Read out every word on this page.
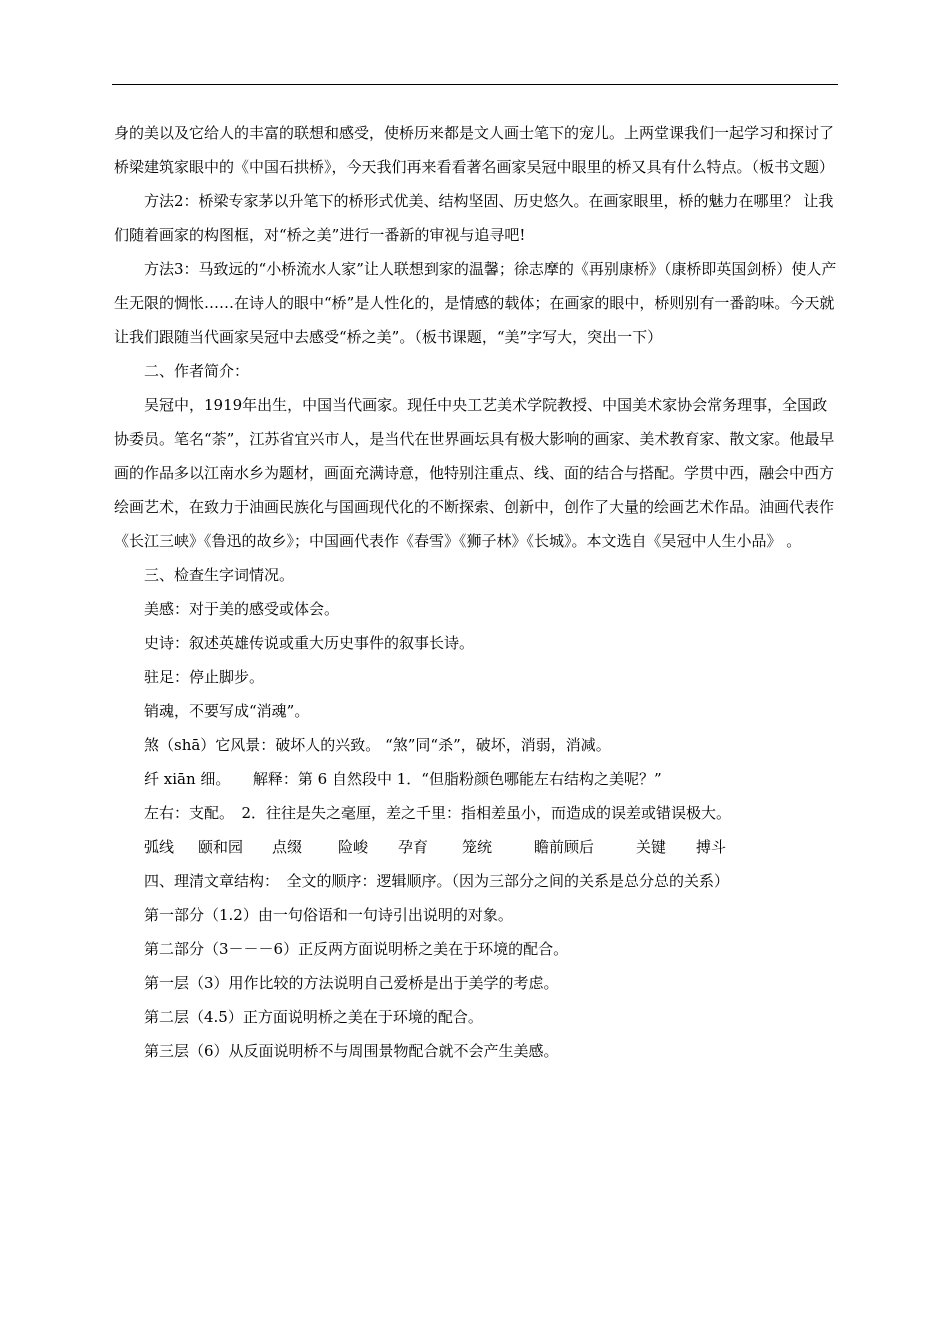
身的美以及它给人的丰富的联想和感受，使桥历来都是文人画士笔下的宠儿。上两堂课我们一起学习和探讨了桥梁建筑家眼中的《中国石拱桥》，今天我们再来看看著名画家吴冠中眼里的桥又具有什么特点。（板书文题）

方法2：桥梁专家茅以升笔下的桥形式优美、结构坚固、历史悠久。在画家眼里，桥的魅力在哪里？ 让我们随着画家的构图框，对“桥之美”进行一番新的审视与追寻吧!

方法3：马致远的“小桥流水人家”让人联想到家的温馨；徐志摩的《再别康桥》（康桥即英国剑桥）使人产生无限的惆怅……在诗人的眼中“桥”是人性化的，是情感的载体；在画家的眼中，桥则别有一番韵味。今天就让我们跟随当代画家吴冠中去感受“桥之美”。（板书课题，“美”字写大，突出一下）

二、作者简介：

吴冠中，1919年出生，中国当代画家。现任中央工艺美术学院教授、中国美术家协会常务理事，全国政协委员。笔名“荼”，江苏省宜兴市人，是当代在世界画坛具有极大影响的画家、美术教育家、散文家。他最早画的作品多以江南水乡为题材，画面充满诗意，他特别注重点、线、面的结合与搭配。学贯中西，融会中西方绘画艺术，在致力于油画民族化与国画现代化的不断探索、创新中，创作了大量的绘画艺术作品。油画代表作《长江三峡》《鲁迅的故乡》；中国画代表作《春雪》《狮子林》《长城》。本文选自《吴冠中人生小品》 。

三、检查生字词情况。

美感：对于美的感受或体会。

史诗：叙述英雄传说或重大历史事件的叙事长诗。

驻足：停止脚步。

销魂，不要写成“消魂”。

煞（shā）它风景：破坏人的兴致。 “煞”同“杀”，破坏，消弱，消减。

纤 xiān 细。　　解释：第 6 自然段中 1．“但脂粉颜色哪能左右结构之美呢？”

左右：支配。　2．往往是失之毫厘，差之千里：指相差虽小，而造成的误差或错误极大。

弧线	颐和园	点缀	险峻	孕育	笼统	瞻前顾后	关键	搏斗

四、理清文章结构：　全文的顺序：逻辑顺序。（因为三部分之间的关系是总分总的关系）

第一部分（1.2）由一句俗语和一句诗引出说明的对象。

第二部分（3－－－6）正反两方面说明桥之美在于环境的配合。

第一层（3）用作比较的方法说明自己爱桥是出于美学的考虑。

第二层（4.5）正方面说明桥之美在于环境的配合。

第三层（6）从反面说明桥不与周围景物配合就不会产生美感。
